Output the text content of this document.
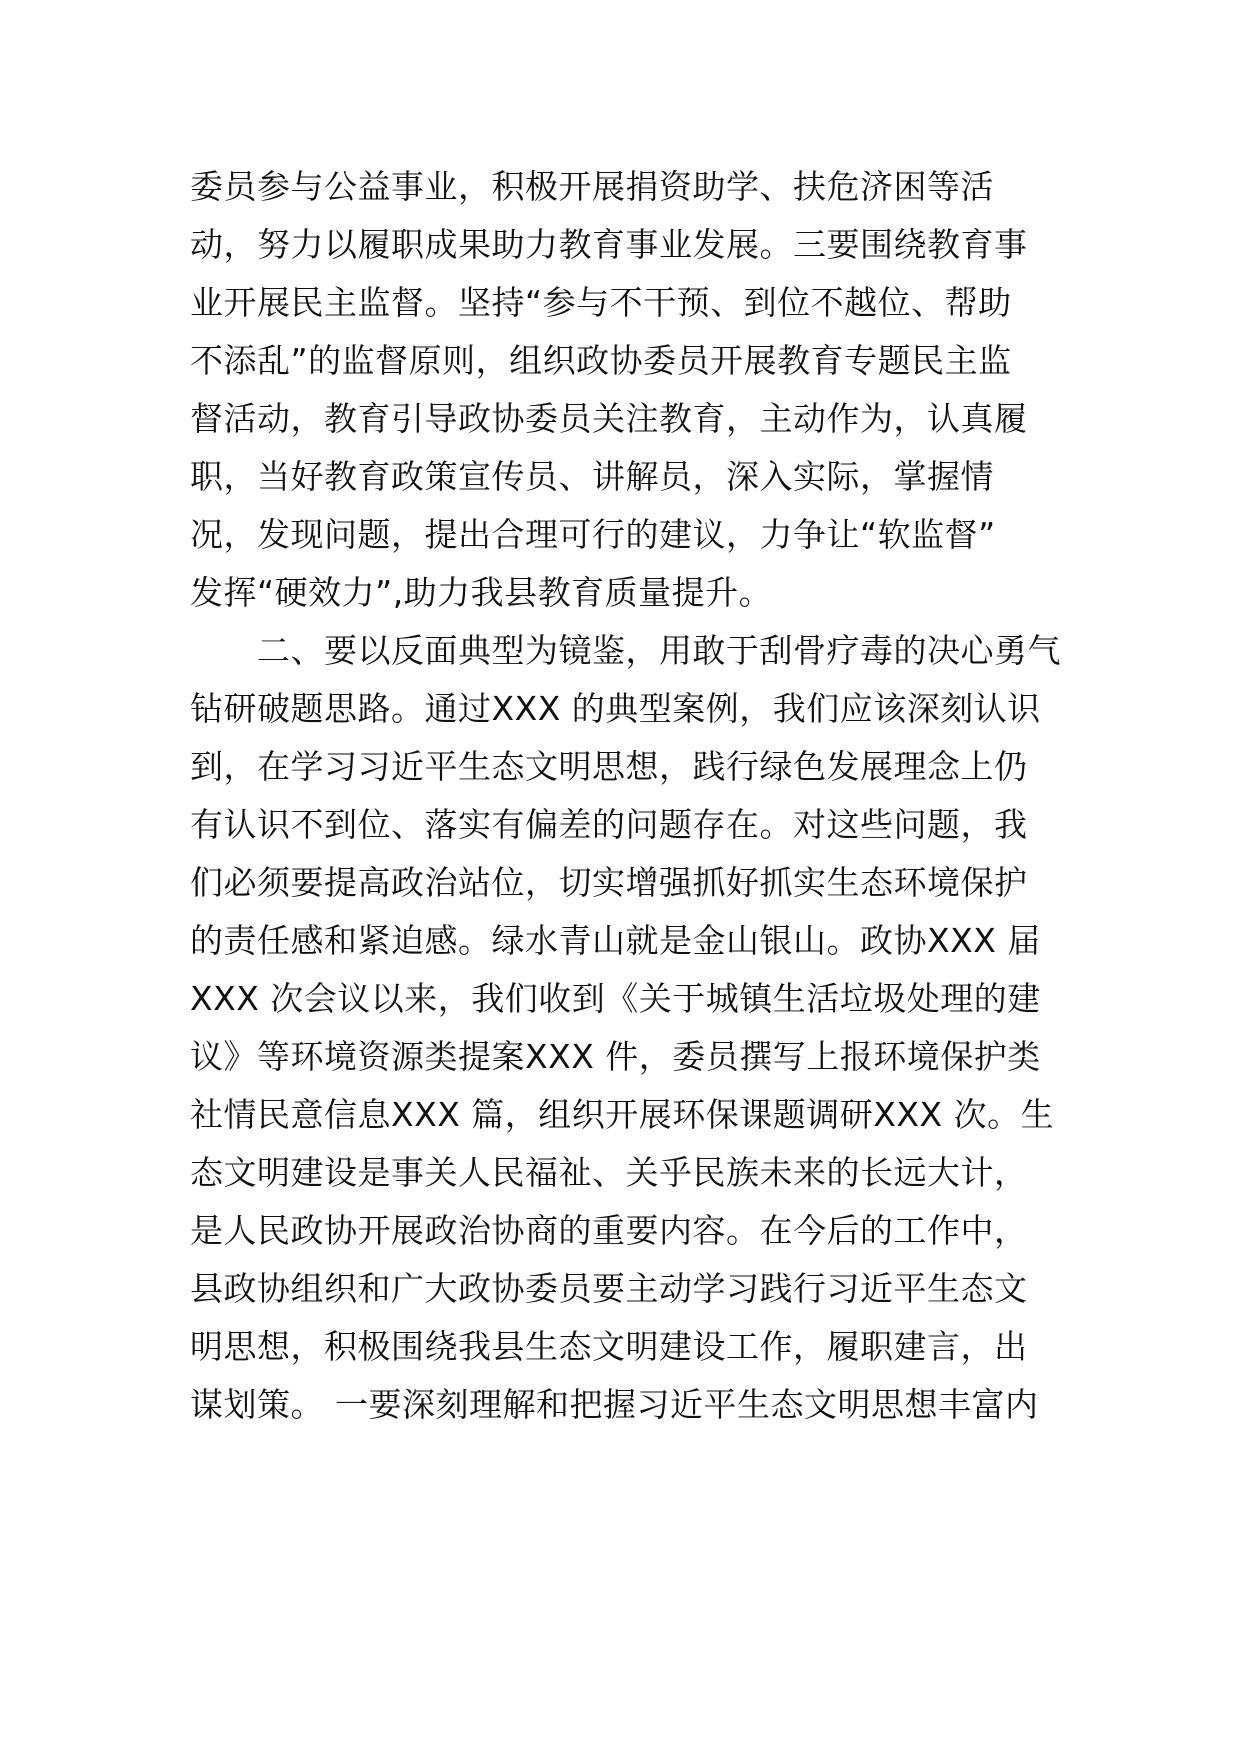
委员参与公益事业，积极开展捐资助学、扶危济困等活
动，努力以履职成果助力教育事业发展。三要围绕教育事
业开展民主监督。坚持“参与不干预、到位不越位、帮助
不添乱”的监督原则，组织政协委员开展教育专题民主监
督活动，教育引导政协委员关注教育，主动作为，认真履
职，当好教育政策宣传员、讲解员，深入实际，掌握情
况，发现问题，提出合理可行的建议，力争让“软监督”
发挥“硬效力”,助力我县教育质量提升。
　　二、要以反面典型为镜鉴，用敢于刮骨疗毒的决心勇气
钻研破题思路。通过XXX 的典型案例，我们应该深刻认识
到，在学习习近平生态文明思想，践行绿色发展理念上仍
有认识不到位、落实有偏差的问题存在。对这些问题，我
们必须要提高政治站位，切实增强抓好抓实生态环境保护
的责任感和紧迫感。绿水青山就是金山银山。政协XXX 届
XXX 次会议以来，我们收到《关于城镇生活垃圾处理的建
议》等环境资源类提案XXX 件，委员撰写上报环境保护类
社情民意信息XXX 篇，组织开展环保课题调研XXX 次。生
态文明建设是事关人民福祉、关乎民族未来的长远大计，
是人民政协开展政治协商的重要内容。在今后的工作中，
县政协组织和广大政协委员要主动学习践行习近平生态文
明思想，积极围绕我县生态文明建设工作，履职建言，出
谋划策。 一要深刻理解和把握习近平生态文明思想丰富内
